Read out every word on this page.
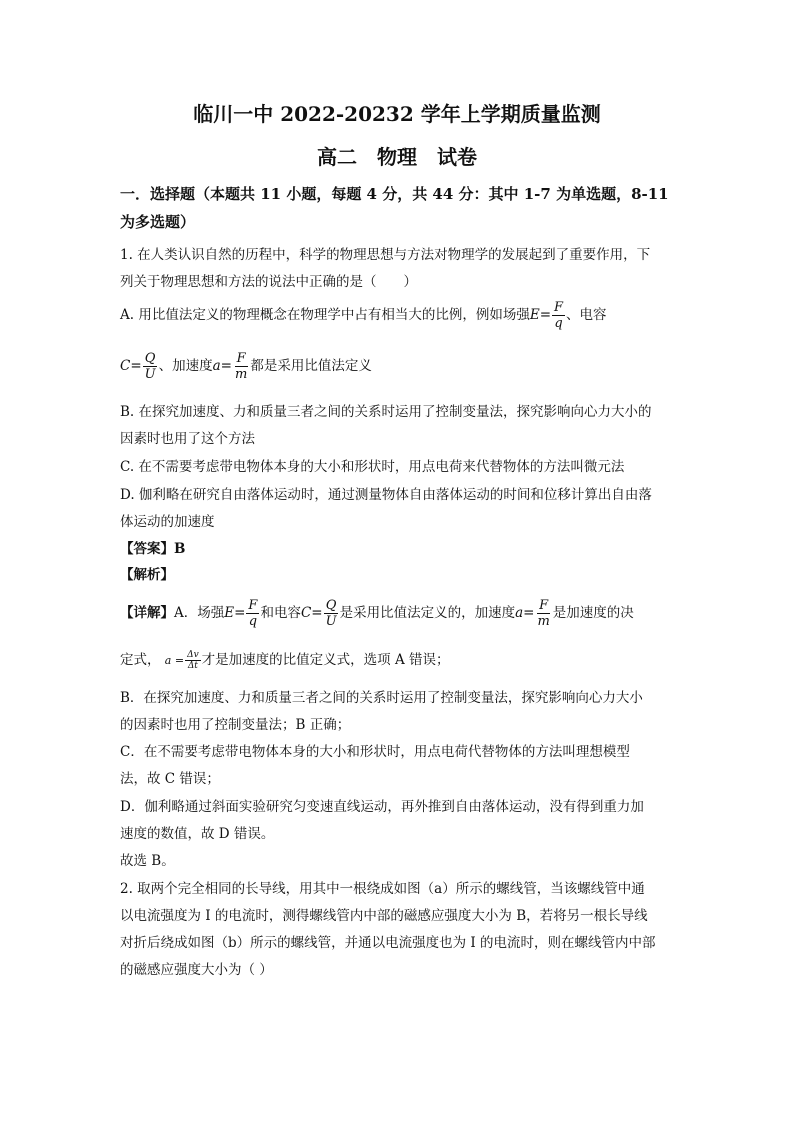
临川一中 2022-20232 学年上学期质量监测
高二 物理 试卷
一．选择题（本题共 11 小题，每题 4 分，共 44 分：其中 1-7 为单选题，8-11
为多选题）
1. 在人类认识自然的历程中，科学的物理思想与方法对物理学的发展起到了重要作用，下
列关于物理思想和方法的说法中正确的是（　　）
A. 用比值法定义的物理概念在物理学中占有相当大的比例，例如场强$E= \frac{F}{q}$ 、电容
$C= \frac{Q}{U}$ 、加速度$a= \frac{F}{m}$ 都是采用比值法定义
B. 在探究加速度、力和质量三者之间的关系时运用了控制变量法，探究影响向心力大小的
因素时也用了这个方法
C. 在不需要考虑带电物体本身的大小和形状时，用点电荷来代替物体的方法叫微元法
D. 伽利略在研究自由落体运动时，通过测量物体自由落体运动的时间和位移计算出自由落
体运动的加速度
【答案】B
【解析】
【详解】A．场强$E= \frac{F}{q}$ 和电容$C= \frac{Q}{U}$ 是采用比值法定义的，加速度$a= \frac{F}{m}$ 是加速度的决
定式， $a = \frac{\Delta v}{\Delta t}$ 才是加速度的比值定义式，选项 A 错误；
B．在探究加速度、力和质量三者之间的关系时运用了控制变量法，探究影响向心力大小
的因素时也用了控制变量法；B 正确；
C．在不需要考虑带电物体本身的大小和形状时，用点电荷代替物体的方法叫理想模型
法，故 C 错误；
D．伽利略通过斜面实验研究匀变速直线运动，再外推到自由落体运动，没有得到重力加
速度的数值，故 D 错误。
故选 B。
2. 取两个完全相同的长导线，用其中一根绕成如图（a）所示的螺线管，当该螺线管中通
以电流强度为 I 的电流时，测得螺线管内中部的磁感应强度大小为 B，若将另一根长导线
对折后绕成如图（b）所示的螺线管，并通以电流强度也为 I 的电流时，则在螺线管内中部
的磁感应强度大小为（ ）
